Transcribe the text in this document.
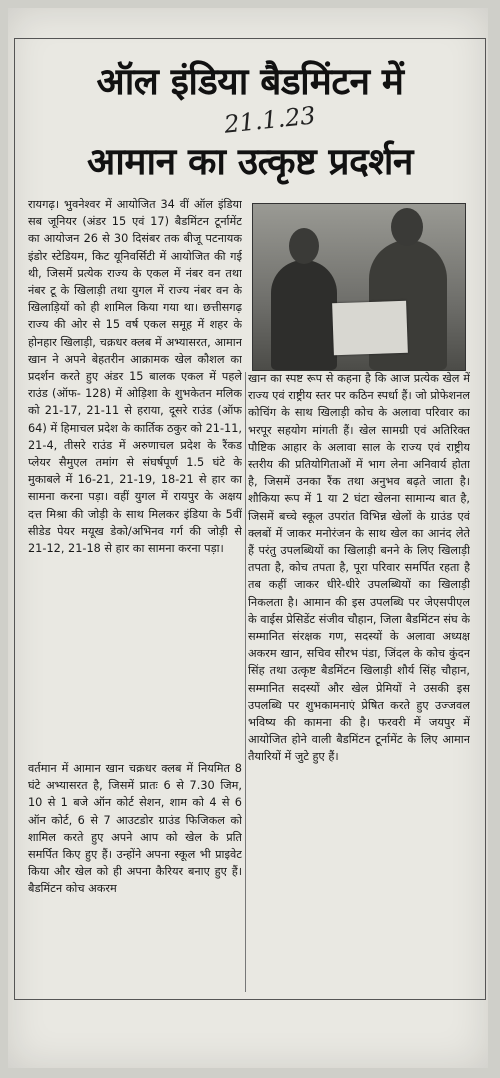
ऑल इंडिया बैडमिंटन में
21.1.23
आमान का उत्कृष्ट प्रदर्शन

रायगढ़। भुवनेश्वर में आयोजित 34 वीं ऑल इंडिया सब जूनियर (अंडर 15 एवं 17) बैडमिंटन टूर्नामेंट का आयोजन 26 से 30 दिसंबर तक बीजू पटनायक इंडोर स्टेडियम, किट यूनिवर्सिटी में आयोजित की गई थी, जिसमें प्रत्येक राज्य के एकल में नंबर वन तथा नंबर टू के खिलाड़ी तथा युगल में राज्य नंबर वन के खिलाड़ियों को ही शामिल किया गया था। छत्तीसगढ़ राज्य की ओर से 15 वर्ष एकल समूह में शहर के होनहार खिलाड़ी, चक्रधर क्लब में अभ्यासरत, आमान खान ने अपने बेहतरीन आक्रामक खेल कौशल का प्रदर्शन करते हुए अंडर 15 बालक एकल में पहले राउंड (ऑफ- 128) में ओड़िशा के शुभकेतन मलिक को 21-17, 21-11 से हराया, दूसरे राउंड (ऑफ 64) में हिमाचल प्रदेश के कार्तिक ठकुर को 21-11, 21-4, तीसरे राउंड में अरुणाचल प्रदेश के रैंकड प्लेयर सैमुएल तमांग से संघर्षपूर्ण 1.5 घंटे के मुकाबले में 16-21, 21-19, 18-21 से हार का सामना करना पड़ा। वहीं युगल में रायपुर के अक्षय दत्त मिश्रा की जोड़ी के साथ मिलकर इंडिया के 5वीं सीडेड पेयर मयूख डेको/अभिनव गर्ग की जोड़ी से 21-12, 21-18 से हार का सामना करना पड़ा।

वर्तमान में आमान खान चक्रधर क्लब में नियमित 8 घंटे अभ्यासरत है, जिसमें प्रातः 6 से 7.30 जिम, 10 से 1 बजे ऑन कोर्ट सेशन, शाम को 4 से 6 ऑन कोर्ट, 6 से 7 आउटडोर ग्राउंड फिजिकल को शामिल करते हुए अपने आप को खेल के प्रति समर्पित किए हुए हैं। उन्होंने अपना स्कूल भी प्राइवेट किया और खेल को ही अपना कैरियर बनाए हुए हैं। बैडमिंटन कोच अकरम

खान का स्पष्ट रूप से कहना है कि आज प्रत्येक खेल में राज्य एवं राष्ट्रीय स्तर पर कठिन स्पर्धा हैं। जो प्रोफेशनल कोचिंग के साथ खिलाड़ी कोच के अलावा परिवार का भरपूर सहयोग मांगती हैं। खेल सामग्री एवं अतिरिक्त पौष्टिक आहार के अलावा साल के राज्य एवं राष्ट्रीय स्तरीय की प्रतियोगिताओं में भाग लेना अनिवार्य होता है, जिसमें उनका रैंक तथा अनुभव बढ़ते जाता है। शौकिया रूप में 1 या 2 घंटा खेलना सामान्य बात है, जिसमें बच्चे स्कूल उपरांत विभिन्न खेलों के ग्राउंड एवं क्लबों में जाकर मनोरंजन के साथ खेल का आनंद लेते हैं परंतु उपलब्धियों का खिलाड़ी बनने के लिए खिलाड़ी तपता है, कोच तपता है, पूरा परिवार समर्पित रहता है तब कहीं जाकर धीरे-धीरे उपलब्धियों का खिलाड़ी निकलता है। आमान की इस उपलब्धि पर जेएसपीएल के वाईस प्रेसिडेंट संजीव चौहान, जिला बैडमिंटन संघ के सम्मानित संरक्षक गण, सदस्यों के अलावा अध्यक्ष अकरम खान, सचिव सौरभ पंडा, जिंदल के कोच कुंदन सिंह तथा उत्कृष्ट बैडमिंटन खिलाड़ी शौर्य सिंह चौहान, सम्मानित सदस्यों और खेल प्रेमियों ने उसकी इस उपलब्धि पर शुभकामनाएं प्रेषित करते हुए उज्जवल भविष्य की कामना की है। फरवरी में जयपुर में आयोजित होने वाली बैडमिंटन टूर्नामेंट के लिए आमान तैयारियों में जुटे हुए हैं।
